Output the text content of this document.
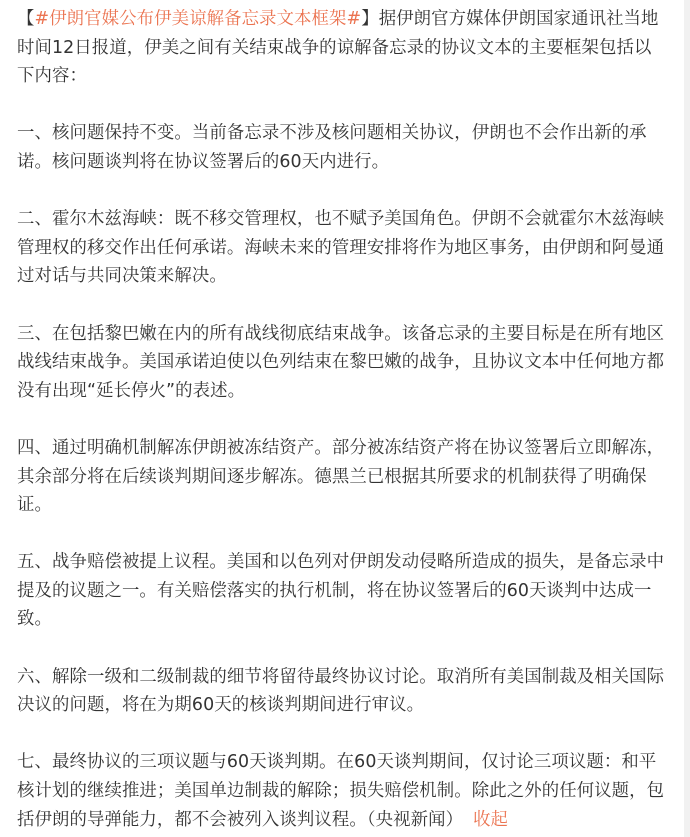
【#伊朗官媒公布伊美谅解备忘录文本框架#】据伊朗官方媒体伊朗国家通讯社当地时间12日报道，伊美之间有关结束战争的谅解备忘录的协议文本的主要框架包括以下内容：

一、核问题保持不变。当前备忘录不涉及核问题相关协议，伊朗也不会作出新的承诺。核问题谈判将在协议签署后的60天内进行。

二、霍尔木兹海峡：既不移交管理权，也不赋予美国角色。伊朗不会就霍尔木兹海峡管理权的移交作出任何承诺。海峡未来的管理安排将作为地区事务，由伊朗和阿曼通过对话与共同决策来解决。

三、在包括黎巴嫩在内的所有战线彻底结束战争。该备忘录的主要目标是在所有地区战线结束战争。美国承诺迫使以色列结束在黎巴嫩的战争，且协议文本中任何地方都没有出现“延长停火”的表述。

四、通过明确机制解冻伊朗被冻结资产。部分被冻结资产将在协议签署后立即解冻，其余部分将在后续谈判期间逐步解冻。德黑兰已根据其所要求的机制获得了明确保证。

五、战争赔偿被提上议程。美国和以色列对伊朗发动侵略所造成的损失，是备忘录中提及的议题之一。有关赔偿落实的执行机制，将在协议签署后的60天谈判中达成一致。

六、解除一级和二级制裁的细节将留待最终协议讨论。取消所有美国制裁及相关国际决议的问题，将在为期60天的核谈判期间进行审议。

七、最终协议的三项议题与60天谈判期。在60天谈判期间，仅讨论三项议题：和平核计划的继续推进；美国单边制裁的解除；损失赔偿机制。除此之外的任何议题，包括伊朗的导弹能力，都不会被列入谈判议程。（央视新闻） 收起
